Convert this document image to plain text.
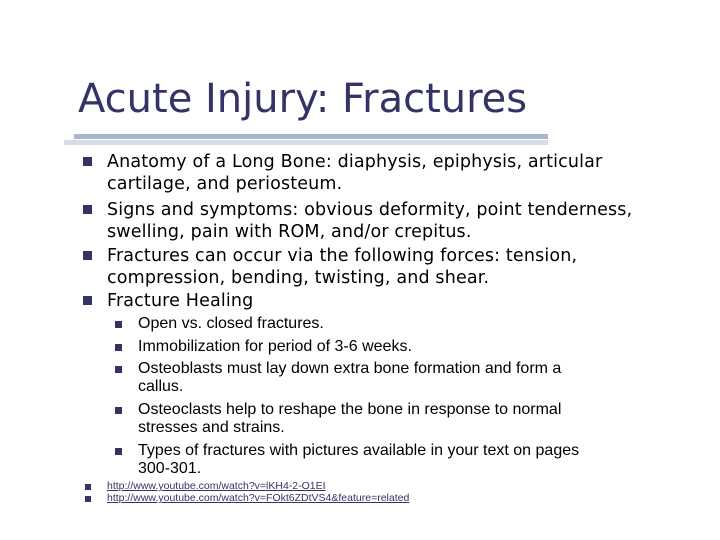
Acute Injury: Fractures
Anatomy of a Long Bone: diaphysis, epiphysis, articular
cartilage, and periosteum.
Signs and symptoms: obvious deformity, point tenderness,
swelling, pain with ROM, and/or crepitus.
Fractures can occur via the following forces: tension,
compression, bending, twisting, and shear.
Fracture Healing
Open vs. closed fractures.
Immobilization for period of 3-6 weeks.
Osteoblasts must lay down extra bone formation and form a
callus.
Osteoclasts help to reshape the bone in response to normal
stresses and strains.
Types of fractures with pictures available in your text on pages
300-301.
http://www.youtube.com/watch?v=lKH4-2-O1EI
http://www.youtube.com/watch?v=FOkt6ZDtVS4&feature=related
